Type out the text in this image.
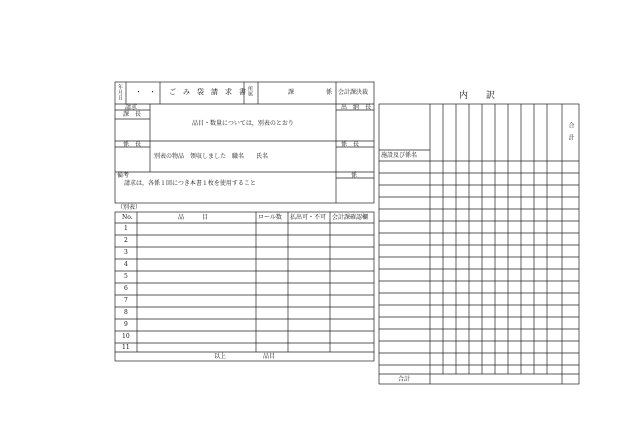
年月日 ・　・ ご　み　袋　請　求　書 所属	課	係 会計課決裁
請求
課　長
出　納　長
品目・数量については，別表のとおり
係　長	係　長
別表の物品　領収しました　職名　　氏名
備考
請求は，各係１回につき本書１枚を使用すること
係
（別表）
No.	品　　　目	ロール数 払出可・不可 会計課確認欄
1
2
3
4
5
6
7
8
9
10
11
以上	品目
内　　訳
合計
施設及び係名
合計
